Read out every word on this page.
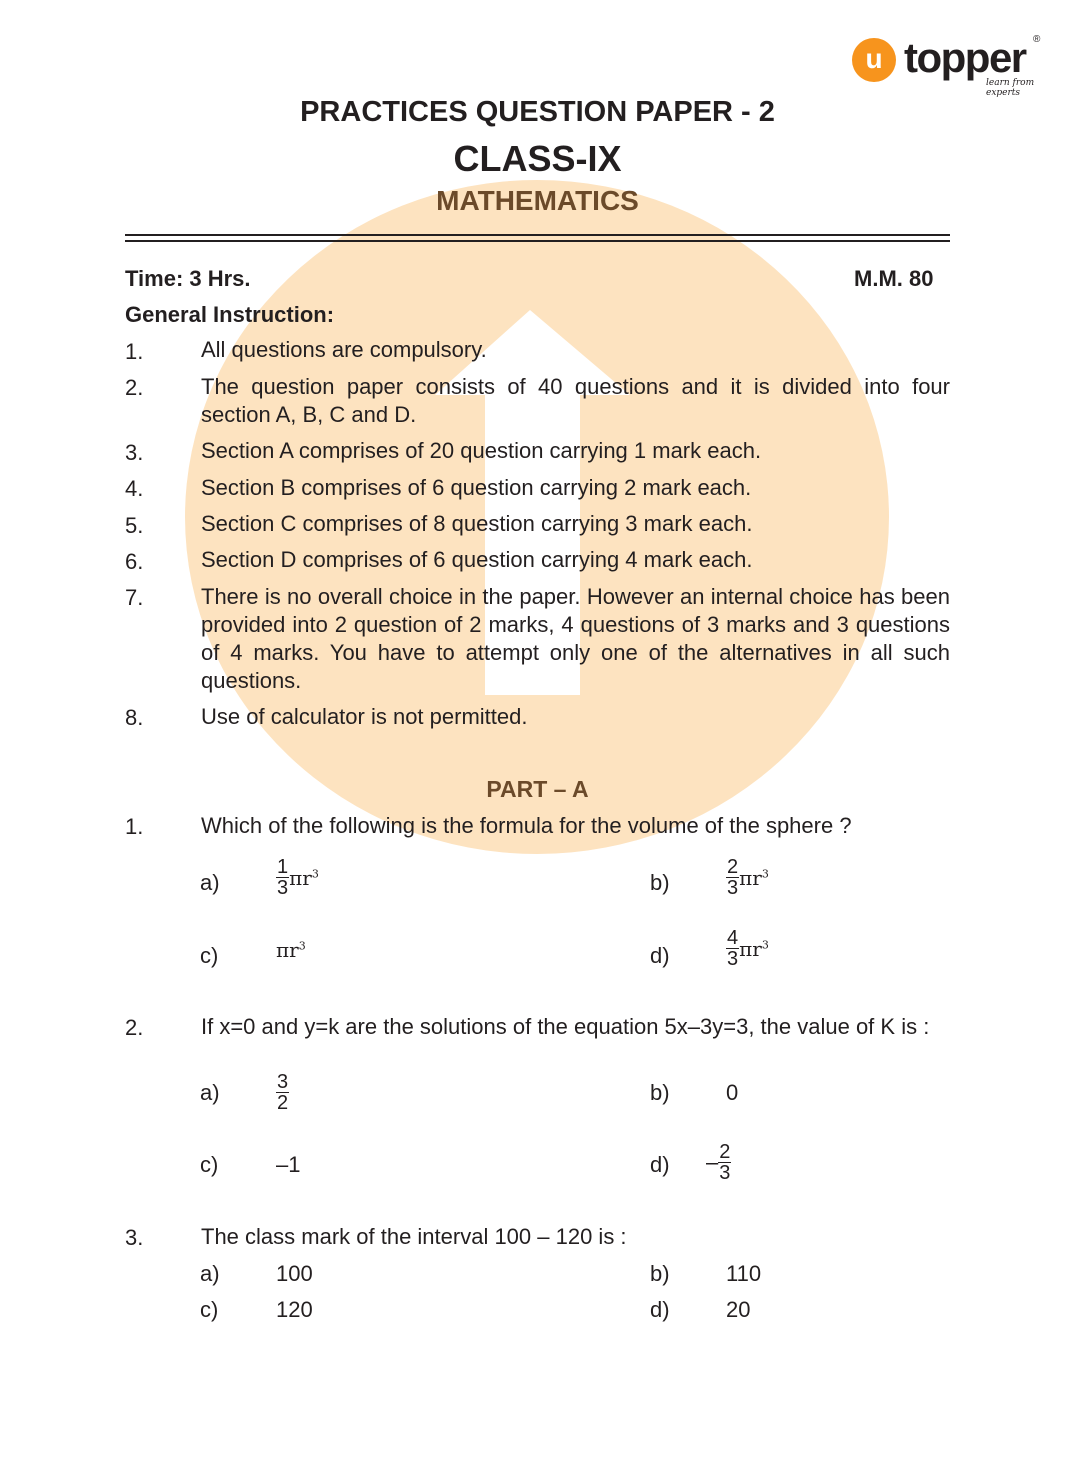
u topper ®
learn from experts
PRACTICES QUESTION PAPER - 2
CLASS-IX
MATHEMATICS
Time: 3 Hrs.	M.M. 80
General Instruction:
1.	All questions are compulsory.
2.	The question paper consists of 40 questions and it is divided into four section A, B, C and D.
3.	Section A comprises of 20 question carrying 1 mark each.
4.	Section B comprises of 6 question carrying 2 mark each.
5.	Section C comprises of 8 question carrying 3 mark each.
6.	Section D comprises of 6 question carrying 4 mark each.
7.	There is no overall choice in the paper. However an internal choice has been provided into 2 question of 2 marks, 4 questions of 3 marks and 3 questions of 4 marks. You have to attempt only one of the alternatives in all such questions.
8.	Use of calculator is not permitted.
PART – A
1.	Which of the following is the formula for the volume of the sphere ?
a)	$\frac{1}{3} \pi r^3$	b)	$\frac{2}{3} \pi r^3$
c)	$\pi r^3$	d)	$\frac{4}{3} \pi r^3$
2.	If x=0 and y=k are the solutions of the equation 5x–3y=3, the value of K is :
a)	$\frac{3}{2}$	b)	0
c)	–1	$d) - \frac{2}{3}$
3.	The class mark of the interval 100 – 120 is :
a)	100	b)	110
c)	120	d)	20
